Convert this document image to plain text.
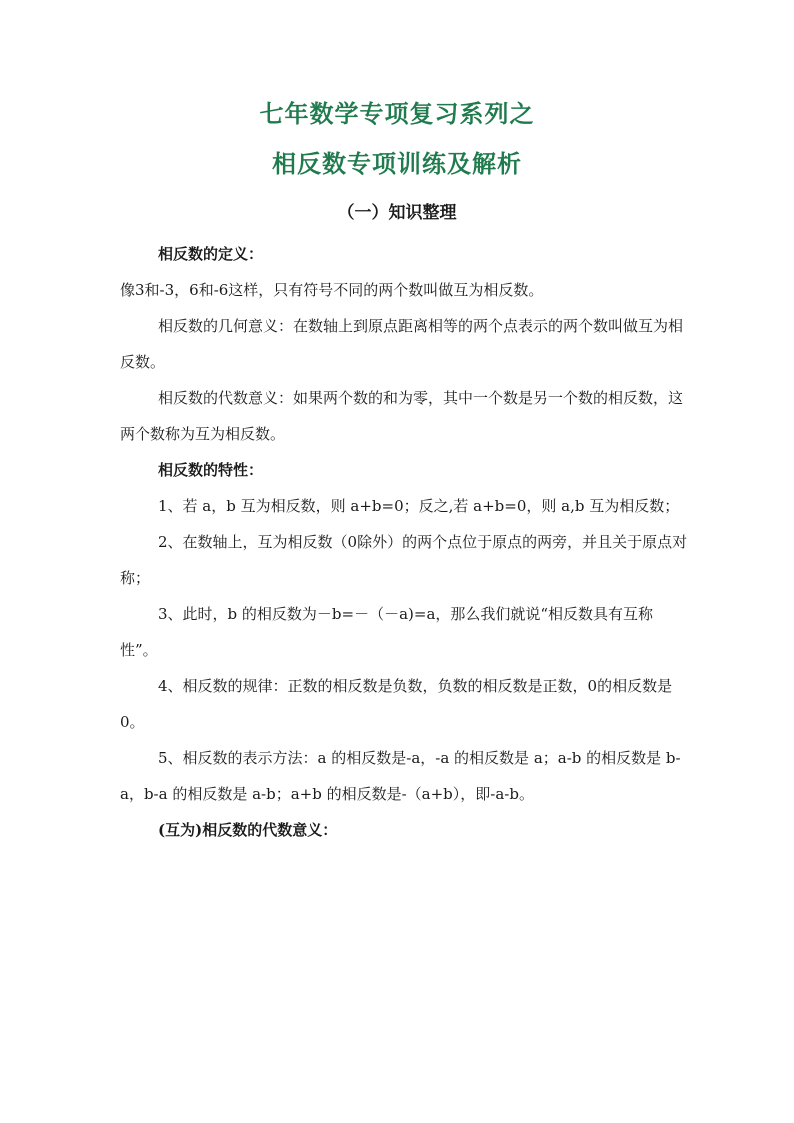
七年数学专项复习系列之
相反数专项训练及解析
（一）知识整理

相反数的定义：

像3和-3，6和-6这样，只有符号不同的两个数叫做互为相反数。

相反数的几何意义：在数轴上到原点距离相等的两个点表示的两个数叫做互为相反数。

相反数的代数意义：如果两个数的和为零，其中一个数是另一个数的相反数，这两个数称为互为相反数。

相反数的特性：

1、若 a，b 互为相反数，则 a+b=0；反之,若 a+b=0，则 a,b 互为相反数；

2、在数轴上，互为相反数（0除外）的两个点位于原点的两旁，并且关于原点对称；

3、此时，b 的相反数为－b=－（－a)=a，那么我们就说“相反数具有互称性”。

4、相反数的规律：正数的相反数是负数，负数的相反数是正数，0的相反数是0。

5、相反数的表示方法：a 的相反数是-a，-a 的相反数是 a；a-b 的相反数是 b-a，b-a 的相反数是 a-b；a+b 的相反数是-（a+b），即-a-b。

(互为)相反数的代数意义：
